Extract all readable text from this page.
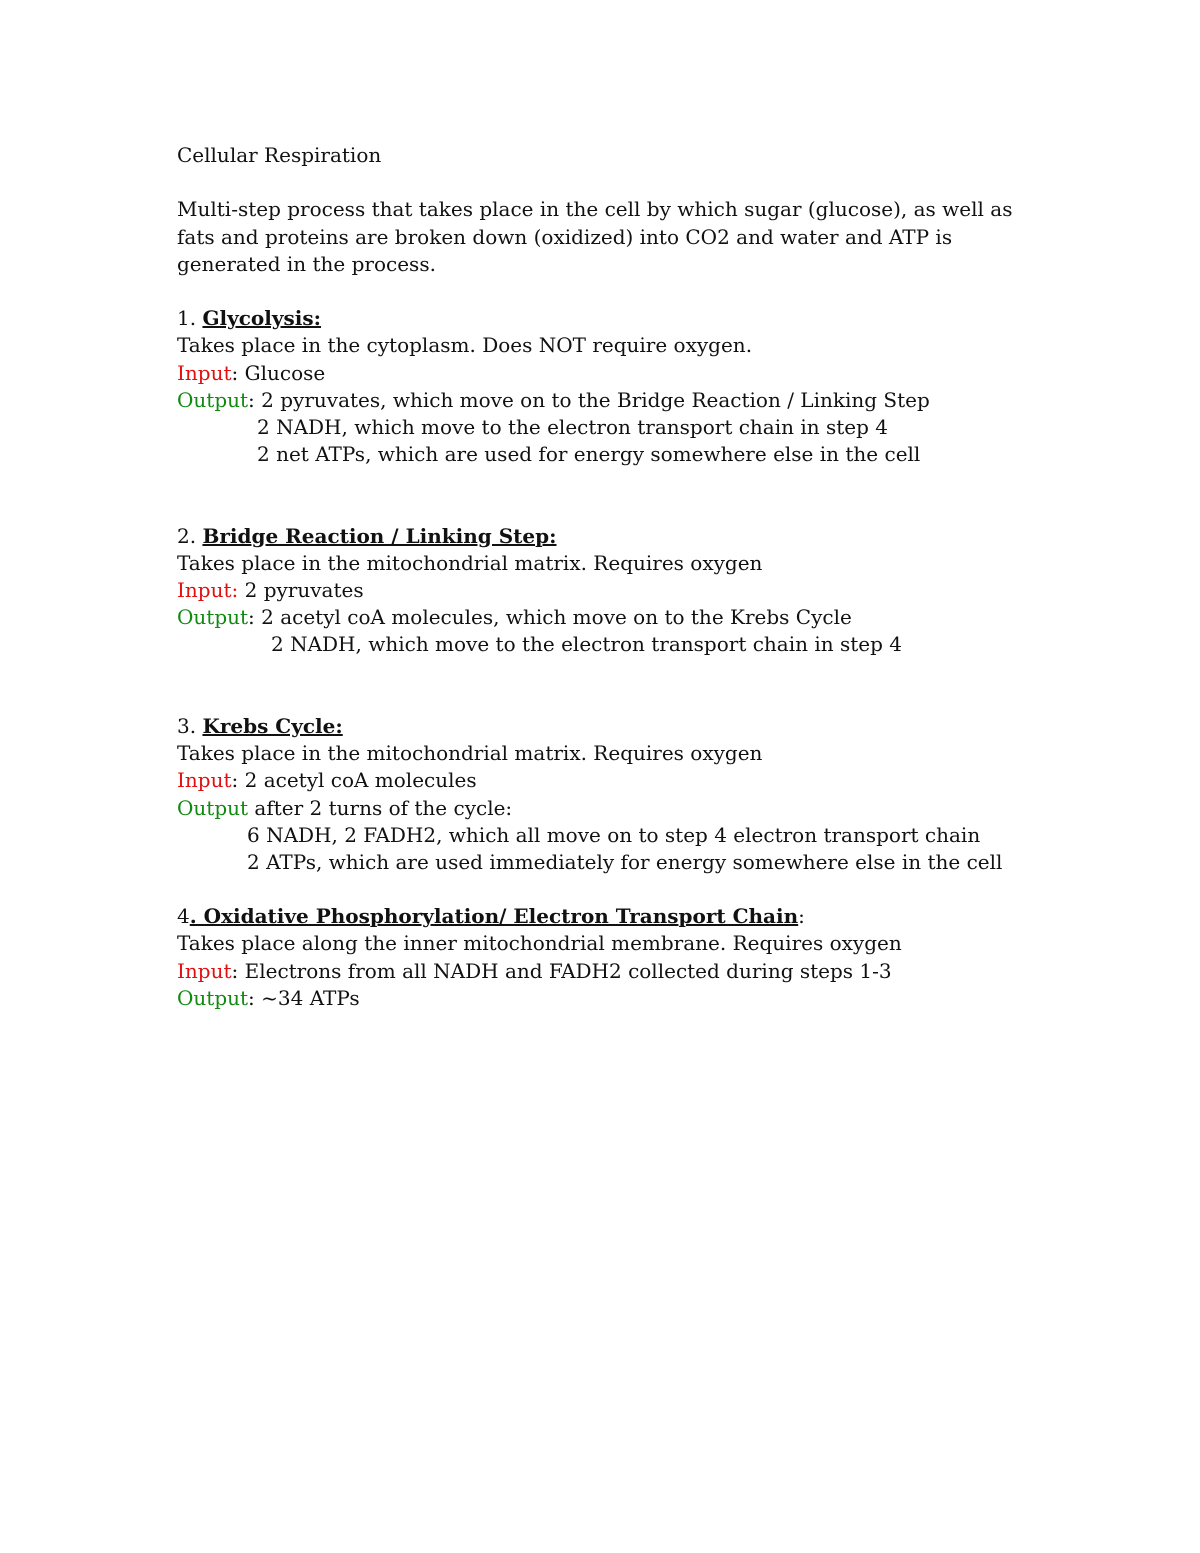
Cellular Respiration
Multi-step process that takes place in the cell by which sugar (glucose), as well as
fats and proteins are broken down (oxidized) into CO2 and water and ATP is
generated in the process.
1. Glycolysis:
Takes place in the cytoplasm. Does NOT require oxygen.
Input: Glucose
Output: 2 pyruvates, which move on to the Bridge Reaction / Linking Step
2 NADH, which move to the electron transport chain in step 4
2 net ATPs, which are used for energy somewhere else in the cell
2. Bridge Reaction / Linking Step:
Takes place in the mitochondrial matrix. Requires oxygen
Input: 2 pyruvates
Output: 2 acetyl coA molecules, which move on to the Krebs Cycle
2 NADH, which move to the electron transport chain in step 4
3. Krebs Cycle:
Takes place in the mitochondrial matrix. Requires oxygen
Input: 2 acetyl coA molecules
Output after 2 turns of the cycle:
6 NADH, 2 FADH2, which all move on to step 4 electron transport chain
2 ATPs, which are used immediately for energy somewhere else in the cell
4. Oxidative Phosphorylation/ Electron Transport Chain:
Takes place along the inner mitochondrial membrane. Requires oxygen
Input: Electrons from all NADH and FADH2 collected during steps 1-3
Output: ~34 ATPs
